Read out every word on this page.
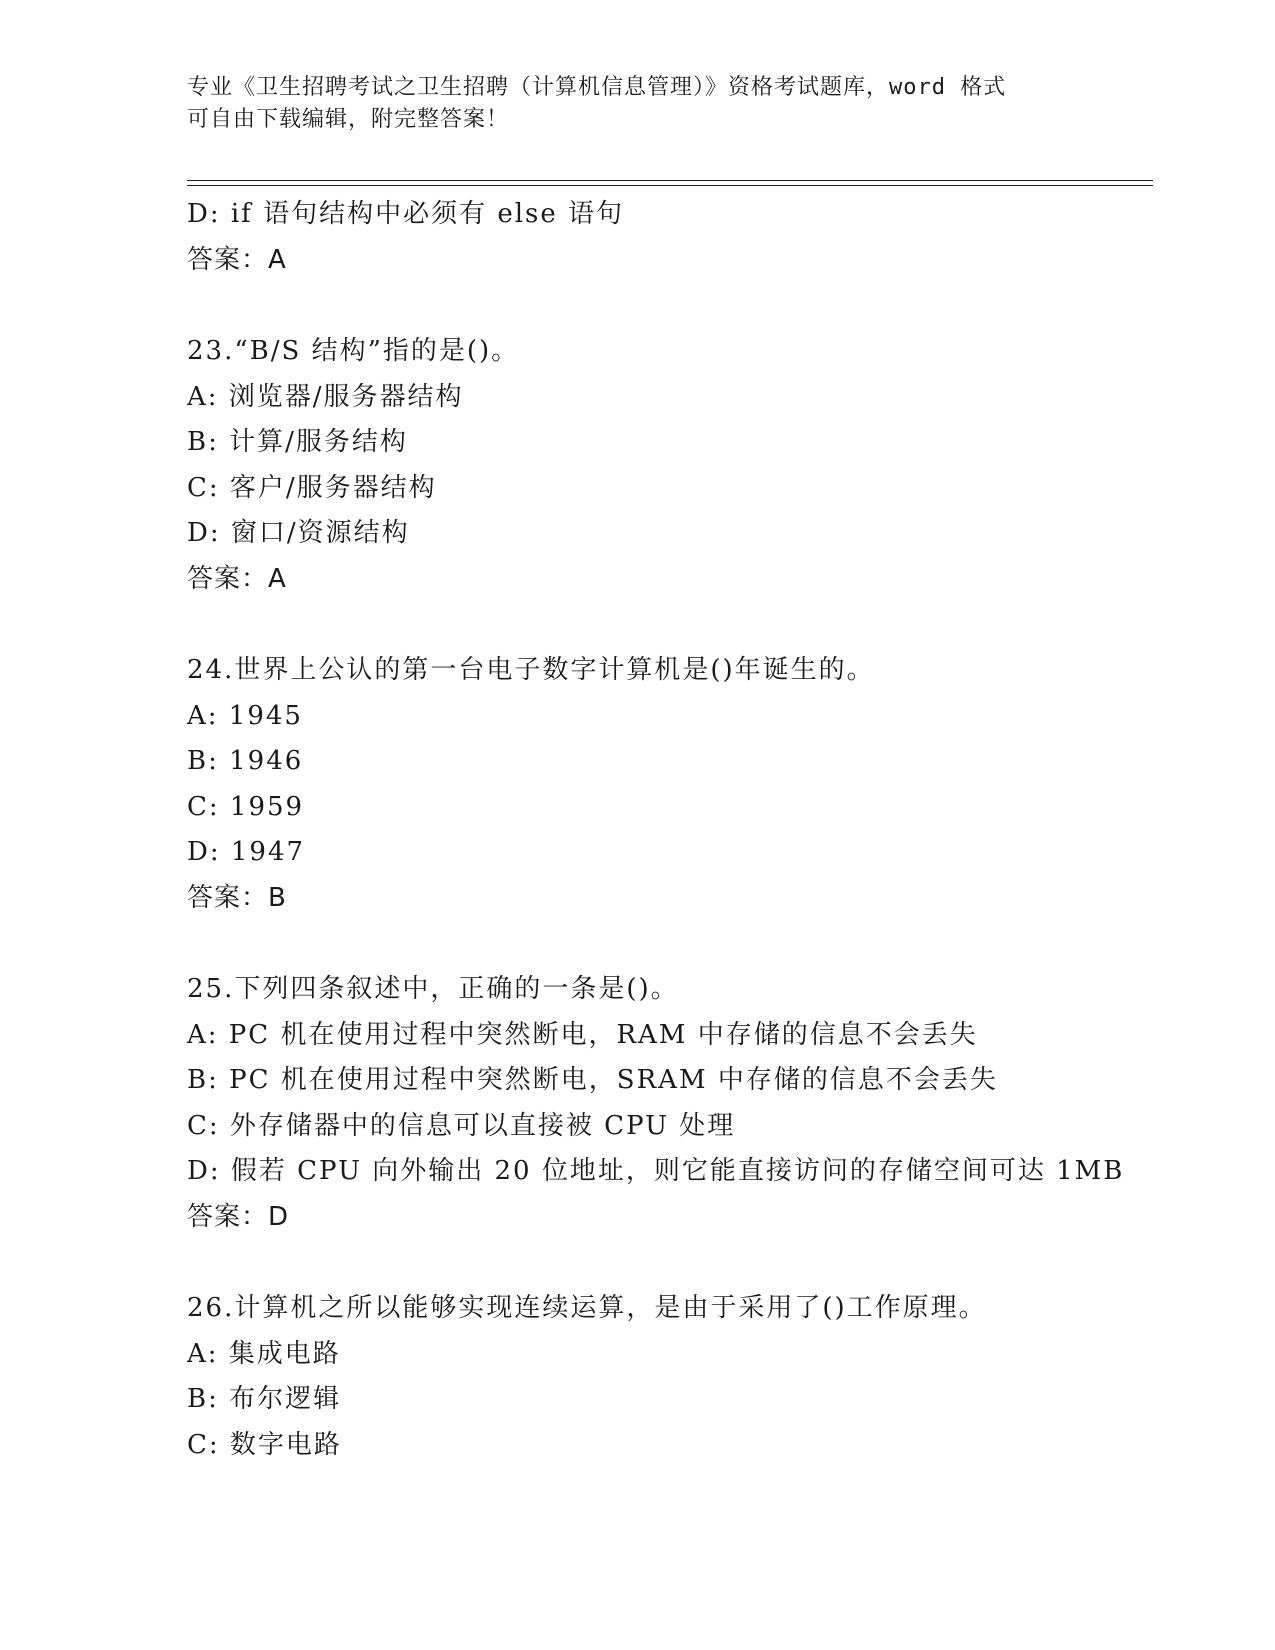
专业《卫生招聘考试之卫生招聘（计算机信息管理）》资格考试题库，word 格式
可自由下载编辑，附完整答案！
D: if 语句结构中必须有 else 语句
答案：A
23.“B/S 结构”指的是()。
A: 浏览器/服务器结构
B: 计算/服务结构
C: 客户/服务器结构
D: 窗口/资源结构
答案：A
24.世界上公认的第一台电子数字计算机是()年诞生的。
A: 1945
B: 1946
C: 1959
D: 1947
答案：B
25.下列四条叙述中，正确的一条是()。
A: PC 机在使用过程中突然断电，RAM 中存储的信息不会丢失
B: PC 机在使用过程中突然断电，SRAM 中存储的信息不会丢失
C: 外存储器中的信息可以直接被 CPU 处理
D: 假若 CPU 向外输出 20 位地址，则它能直接访问的存储空间可达 1MB
答案：D
26.计算机之所以能够实现连续运算，是由于采用了()工作原理。
A: 集成电路
B: 布尔逻辑
C: 数字电路
